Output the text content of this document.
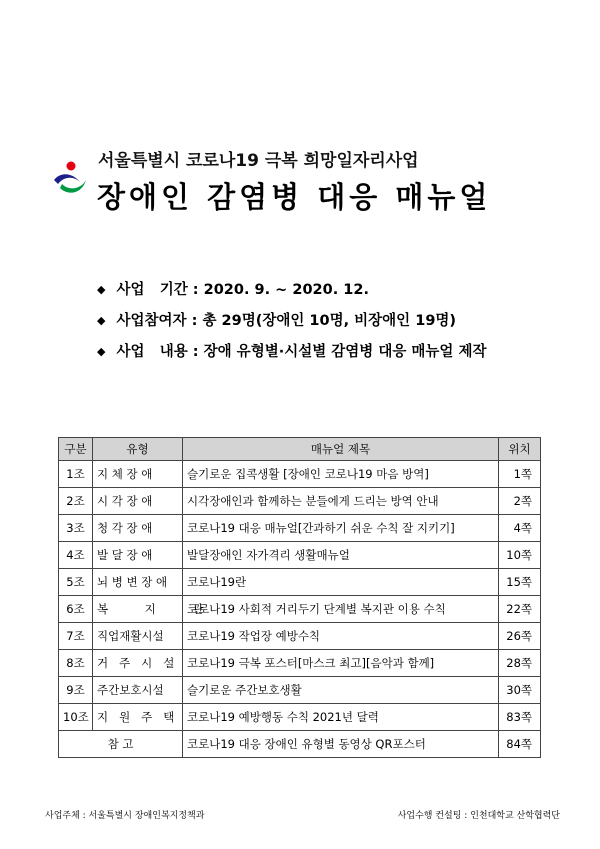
서울특별시 코로나19 극복 희망일자리사업
장애인 감염병 대응 매뉴얼
◆ 사업   기간 : 2020. 9. ~ 2020. 12.
◆ 사업참여자 : 총 29명(장애인 10명, 비장애인 19명)
◆ 사업   내용 : 장애 유형별·시설별 감염병 대응 매뉴얼 제작
구분	유형	매뉴얼 제목	위치
1조	지 체 장 애	슬기로운 집콕생활 [장애인 코로나19 마음 방역]	1쪽
2조	시 각 장 애	시각장애인과 함께하는 분들에게 드리는 방역 안내	2쪽
3조	청 각 장 애	코로나19 대응 매뉴얼[간과하기 쉬운 수칙 잘 지키기]	4쪽
4조	발 달 장 애	발달장애인 자가격리 생활매뉴얼	10쪽
5조	뇌 병 변 장 애	코로나19란	15쪽
6조	복          지          관	코로나19 사회적 거리두기 단계별 복지관 이용 수칙	22쪽
7조	직업재활시설	코로나19 작업장 예방수칙	26쪽
8조	거   주   시   설	코로나19 극복 포스터[마스크 최고][음악과 함께]	28쪽
9조	주간보호시설	슬기로운 주간보호생활	30쪽
10조	지   원   주   택	코로나19 예방행동 수칙 2021년 달력	83쪽
참 고		코로나19 대응 장애인 유형별 동영상 QR포스터	84쪽
사업주체 : 서울특별시 장애인복지정책과	사업수행 컨설팅 : 인천대학교 산학협력단
